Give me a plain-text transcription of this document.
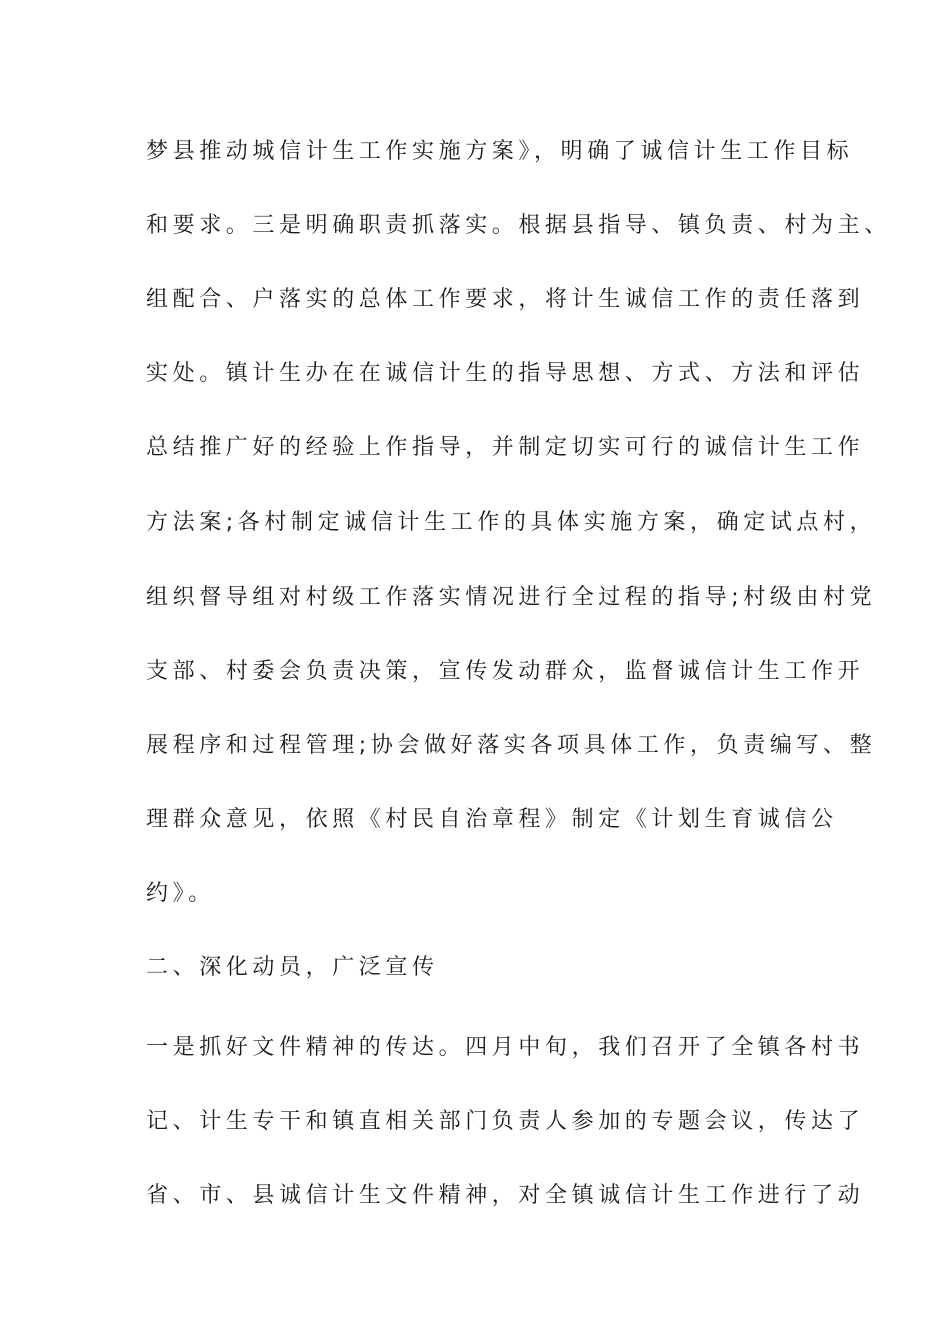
梦县推动城信计生工作实施方案》，明确了诚信计生工作目标
和要求。三是明确职责抓落实。根据县指导、镇负责、村为主、
组配合、户落实的总体工作要求，将计生诚信工作的责任落到
实处。镇计生办在在诚信计生的指导思想、方式、方法和评估
总结推广好的经验上作指导，并制定切实可行的诚信计生工作
方法案;各村制定诚信计生工作的具体实施方案，确定试点村，
组织督导组对村级工作落实情况进行全过程的指导;村级由村党
支部、村委会负责决策，宣传发动群众，监督诚信计生工作开
展程序和过程管理;协会做好落实各项具体工作，负责编写、整
理群众意见，依照《村民自治章程》制定《计划生育诚信公
约》。
二、深化动员，广泛宣传
一是抓好文件精神的传达。四月中旬，我们召开了全镇各村书
记、计生专干和镇直相关部门负责人参加的专题会议，传达了
省、市、县诚信计生文件精神，对全镇诚信计生工作进行了动
